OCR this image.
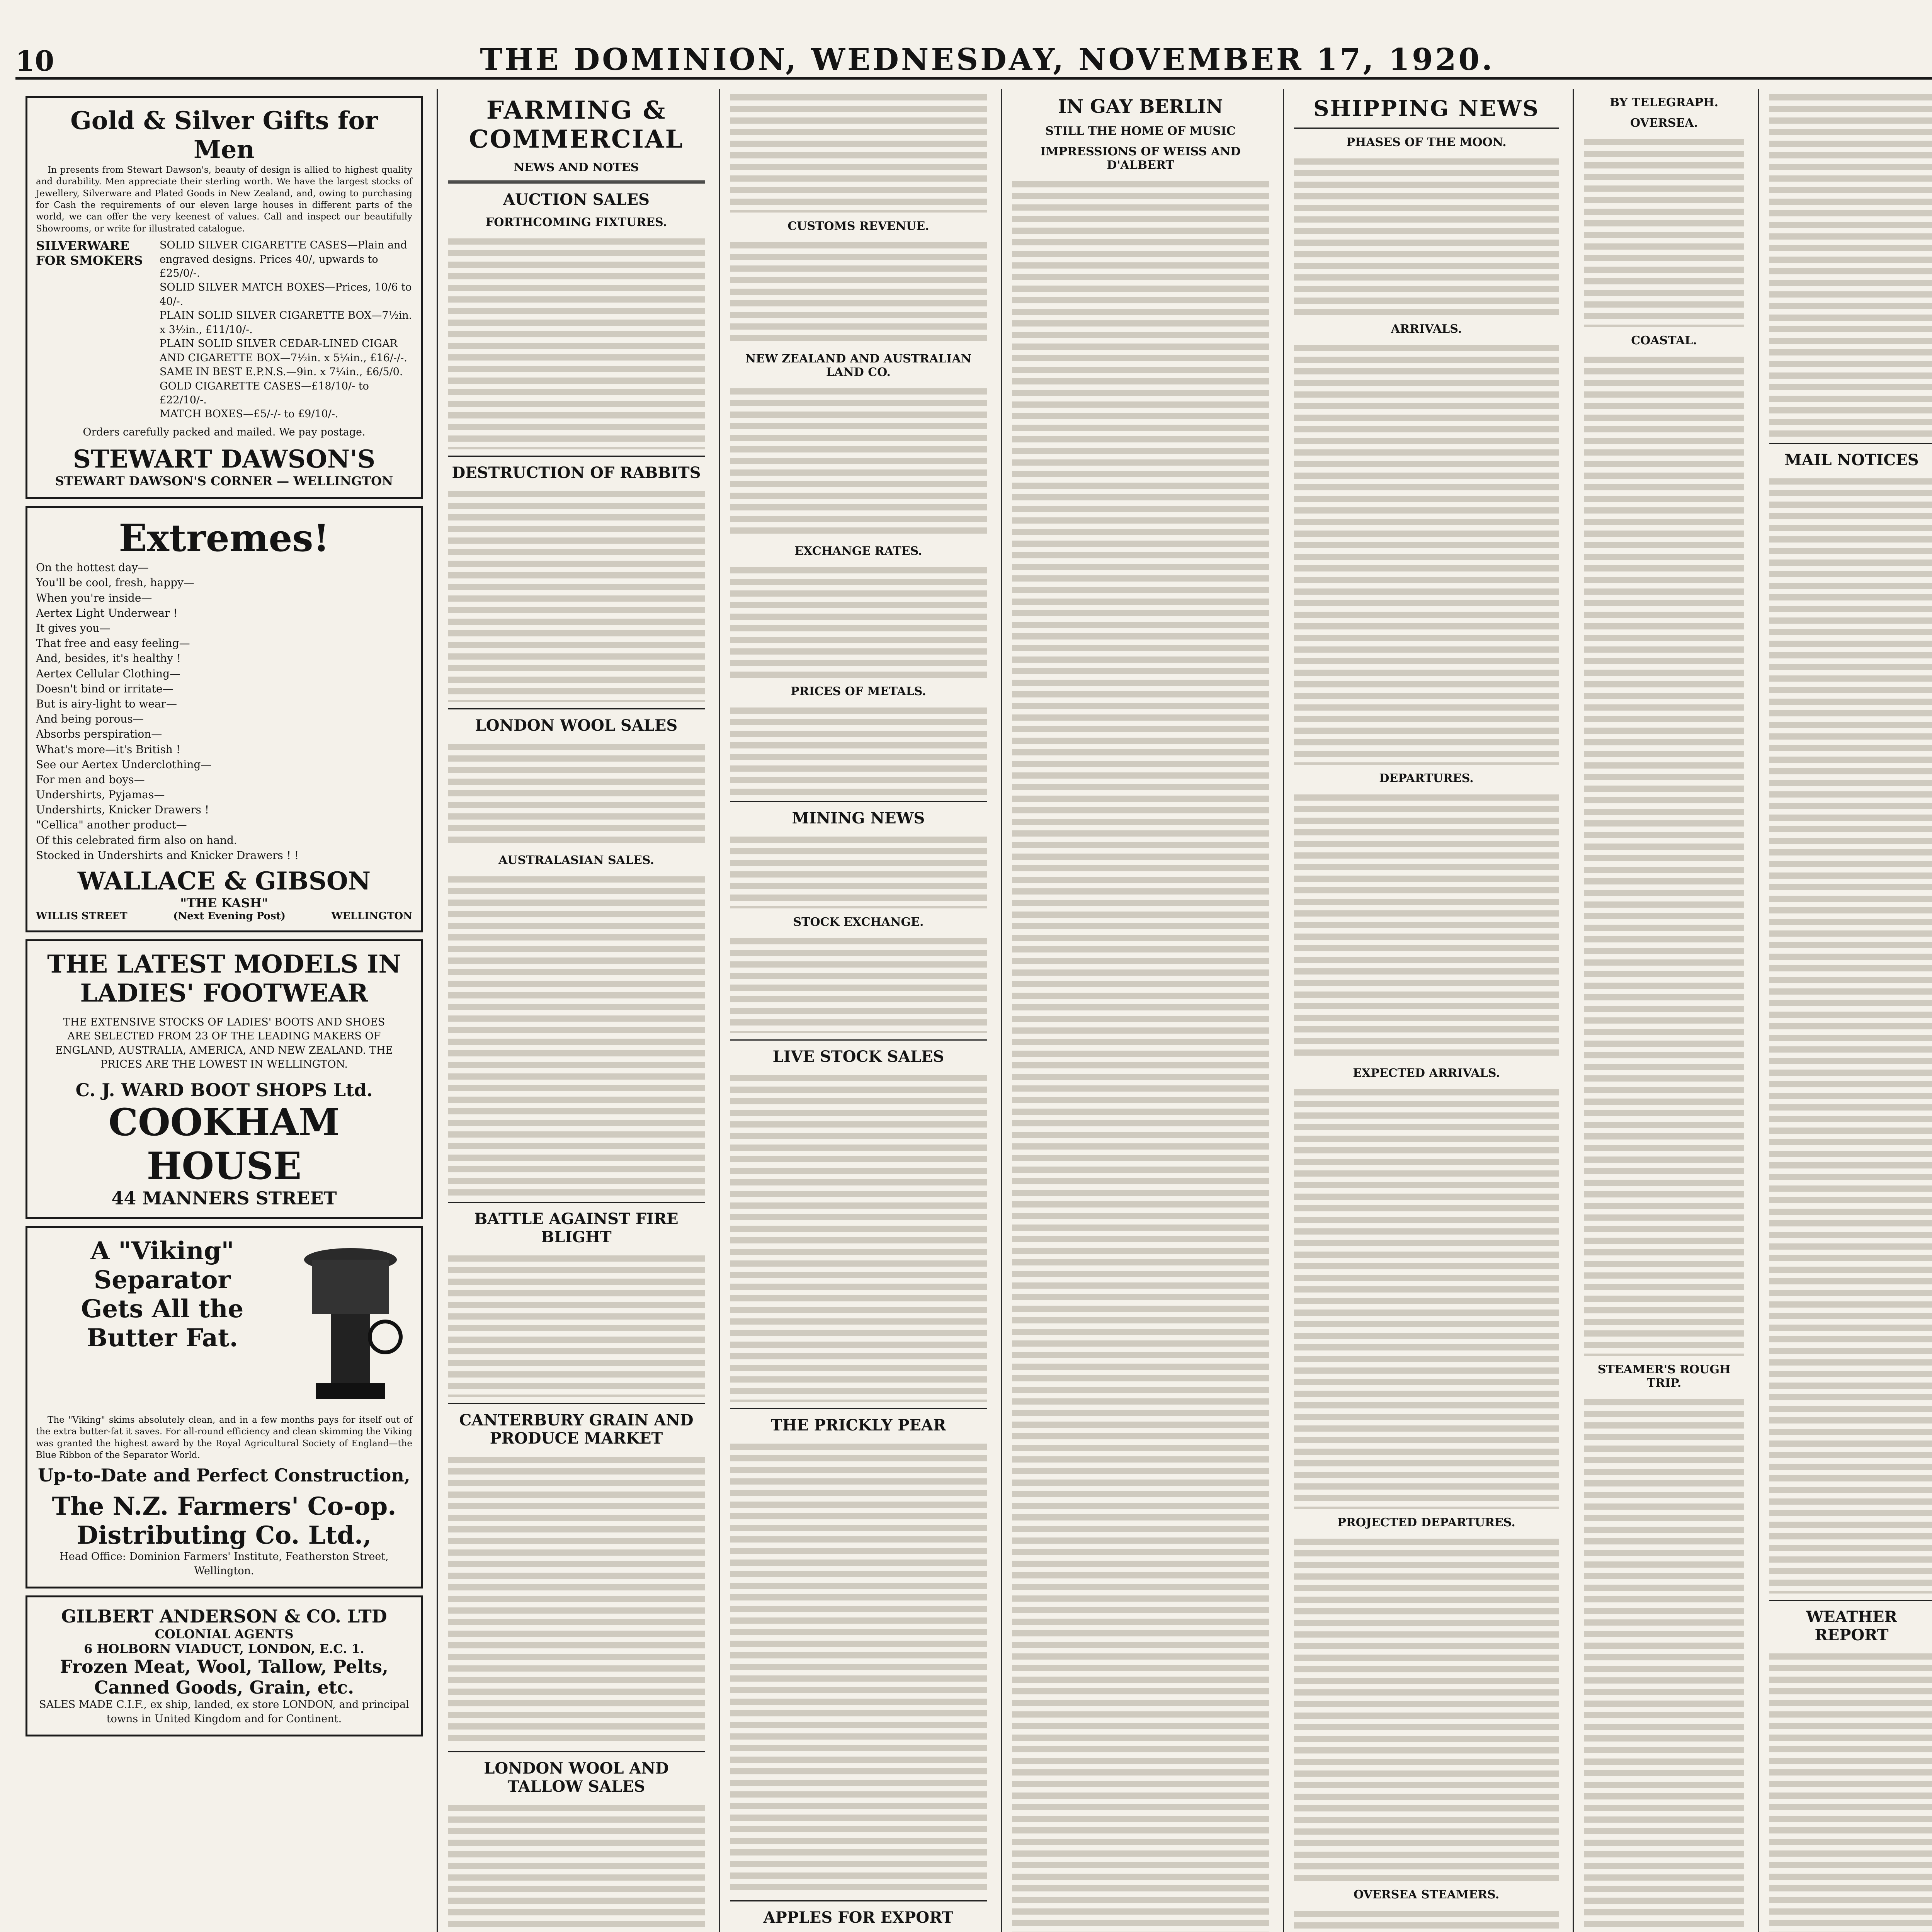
10	THE DOMINION, WEDNESDAY, NOVEMBER 17, 1920.
Gold & Silver Gifts for Men

In presents from Stewart Dawson's, beauty of design is allied to highest quality and durability. Men appreciate their sterling worth. We have the largest stocks of Jewellery, Silverware and Plated Goods in New Zealand, and, owing to purchasing for Cash the requirements of our eleven large houses in different parts of the world, we can offer the very keenest of values. Call and inspect our beautifully Showrooms, or write for illustrated catalogue.

SILVERWARE FOR SMOKERS
SOLID SILVER CIGARETTE CASES—Plain and engraved designs. Prices 40/, upwards to £25/0/-.
SOLID SILVER MATCH BOXES—Prices, 10/6 to 40/-.
PLAIN SOLID SILVER CIGARETTE BOX—7½in. x 3½in., £11/10/-.
PLAIN SOLID SILVER CEDAR-LINED CIGAR AND CIGARETTE BOX—7½in. x 5¼in., £16/-/-.
SAME IN BEST E.P.N.S.—9in. x 7¼in., £6/5/0.
GOLD CIGARETTE CASES—£18/10/- to £22/10/-.
MATCH BOXES—£5/-/- to £9/10/-.
Orders carefully packed and mailed. We pay postage.
STEWART DAWSON'S
STEWART DAWSON'S CORNER — WELLINGTON
Extremes!
On the hottest day—
You'll be cool, fresh, happy—
When you're inside—
Aertex Light Underwear !
It gives you—
That free and easy feeling—
And, besides, it's healthy !
Aertex Cellular Clothing—
Doesn't bind or irritate—
But is airy-light to wear—
And being porous—
Absorbs perspiration—
What's more—it's British !
See our Aertex Underclothing—
For men and boys—
Undershirts, Pyjamas—
Undershirts, Knicker Drawers !
"Cellica" another product—
Of this celebrated firm also on hand.
Stocked in Undershirts and Knicker Drawers ! !
WALLACE & GIBSON
"THE KASH"
WILLIS STREET	(Next Evening Post)	WELLINGTON
THE LATEST MODELS IN LADIES' FOOTWEAR

THE EXTENSIVE STOCKS OF LADIES' BOOTS AND SHOES ARE SELECTED FROM 23 OF THE LEADING MAKERS OF ENGLAND, AUSTRALIA, AMERICA, AND NEW ZEALAND. THE PRICES ARE THE LOWEST IN WELLINGTON.

C. J. WARD BOOT SHOPS Ltd.
COOKHAM HOUSE
44 MANNERS STREET
A "Viking"
Separator
Gets All the
Butter Fat.

The "Viking" skims absolutely clean, and in a few months pays for itself out of the extra butter-fat it saves. For all-round efficiency and clean skimming the Viking was granted the highest award by the Royal Agricultural Society of England—the Blue Ribbon of the Separator World.

Up-to-Date and Perfect Construction,
The N.Z. Farmers' Co-op. Distributing Co. Ltd.,
Head Office: Dominion Farmers' Institute, Featherston Street, Wellington.
GILBERT ANDERSON & CO. LTD
COLONIAL AGENTS
6 HOLBORN VIADUCT, LONDON, E.C. 1.
Frozen Meat, Wool, Tallow, Pelts, Canned Goods, Grain, etc.
SALES MADE C.I.F., ex ship, landed, ex store LONDON, and principal towns in United Kingdom and for Continent.
FARMING & COMMERCIAL
NEWS AND NOTES
AUCTION SALES
FORTHCOMING FIXTURES.
DESTRUCTION OF RABBITS
LONDON WOOL SALES
AUSTRALASIAN SALES.
BATTLE AGAINST FIRE BLIGHT
CANTERBURY GRAIN AND PRODUCE MARKET
LONDON WOOL AND TALLOW SALES
CUSTOMS REVENUE.
NEW ZEALAND AND AUSTRALIAN LAND CO.
EXCHANGE RATES.
PRICES OF METALS.
MINING NEWS
STOCK EXCHANGE.
LIVE STOCK SALES
THE PRICKLY PEAR
APPLES FOR EXPORT
IN GAY BERLIN
STILL THE HOME OF MUSIC
IMPRESSIONS OF WEISS AND D'ALBERT
SHIPPING NEWS
PHASES OF THE MOON.
ARRIVALS.
DEPARTURES.
EXPECTED ARRIVALS.
PROJECTED DEPARTURES.
OVERSEA STEAMERS.
BY TELEGRAPH.
OVERSEA.
COASTAL.
STEAMER'S ROUGH TRIP.
MAIL NOTICES
WEATHER REPORT
